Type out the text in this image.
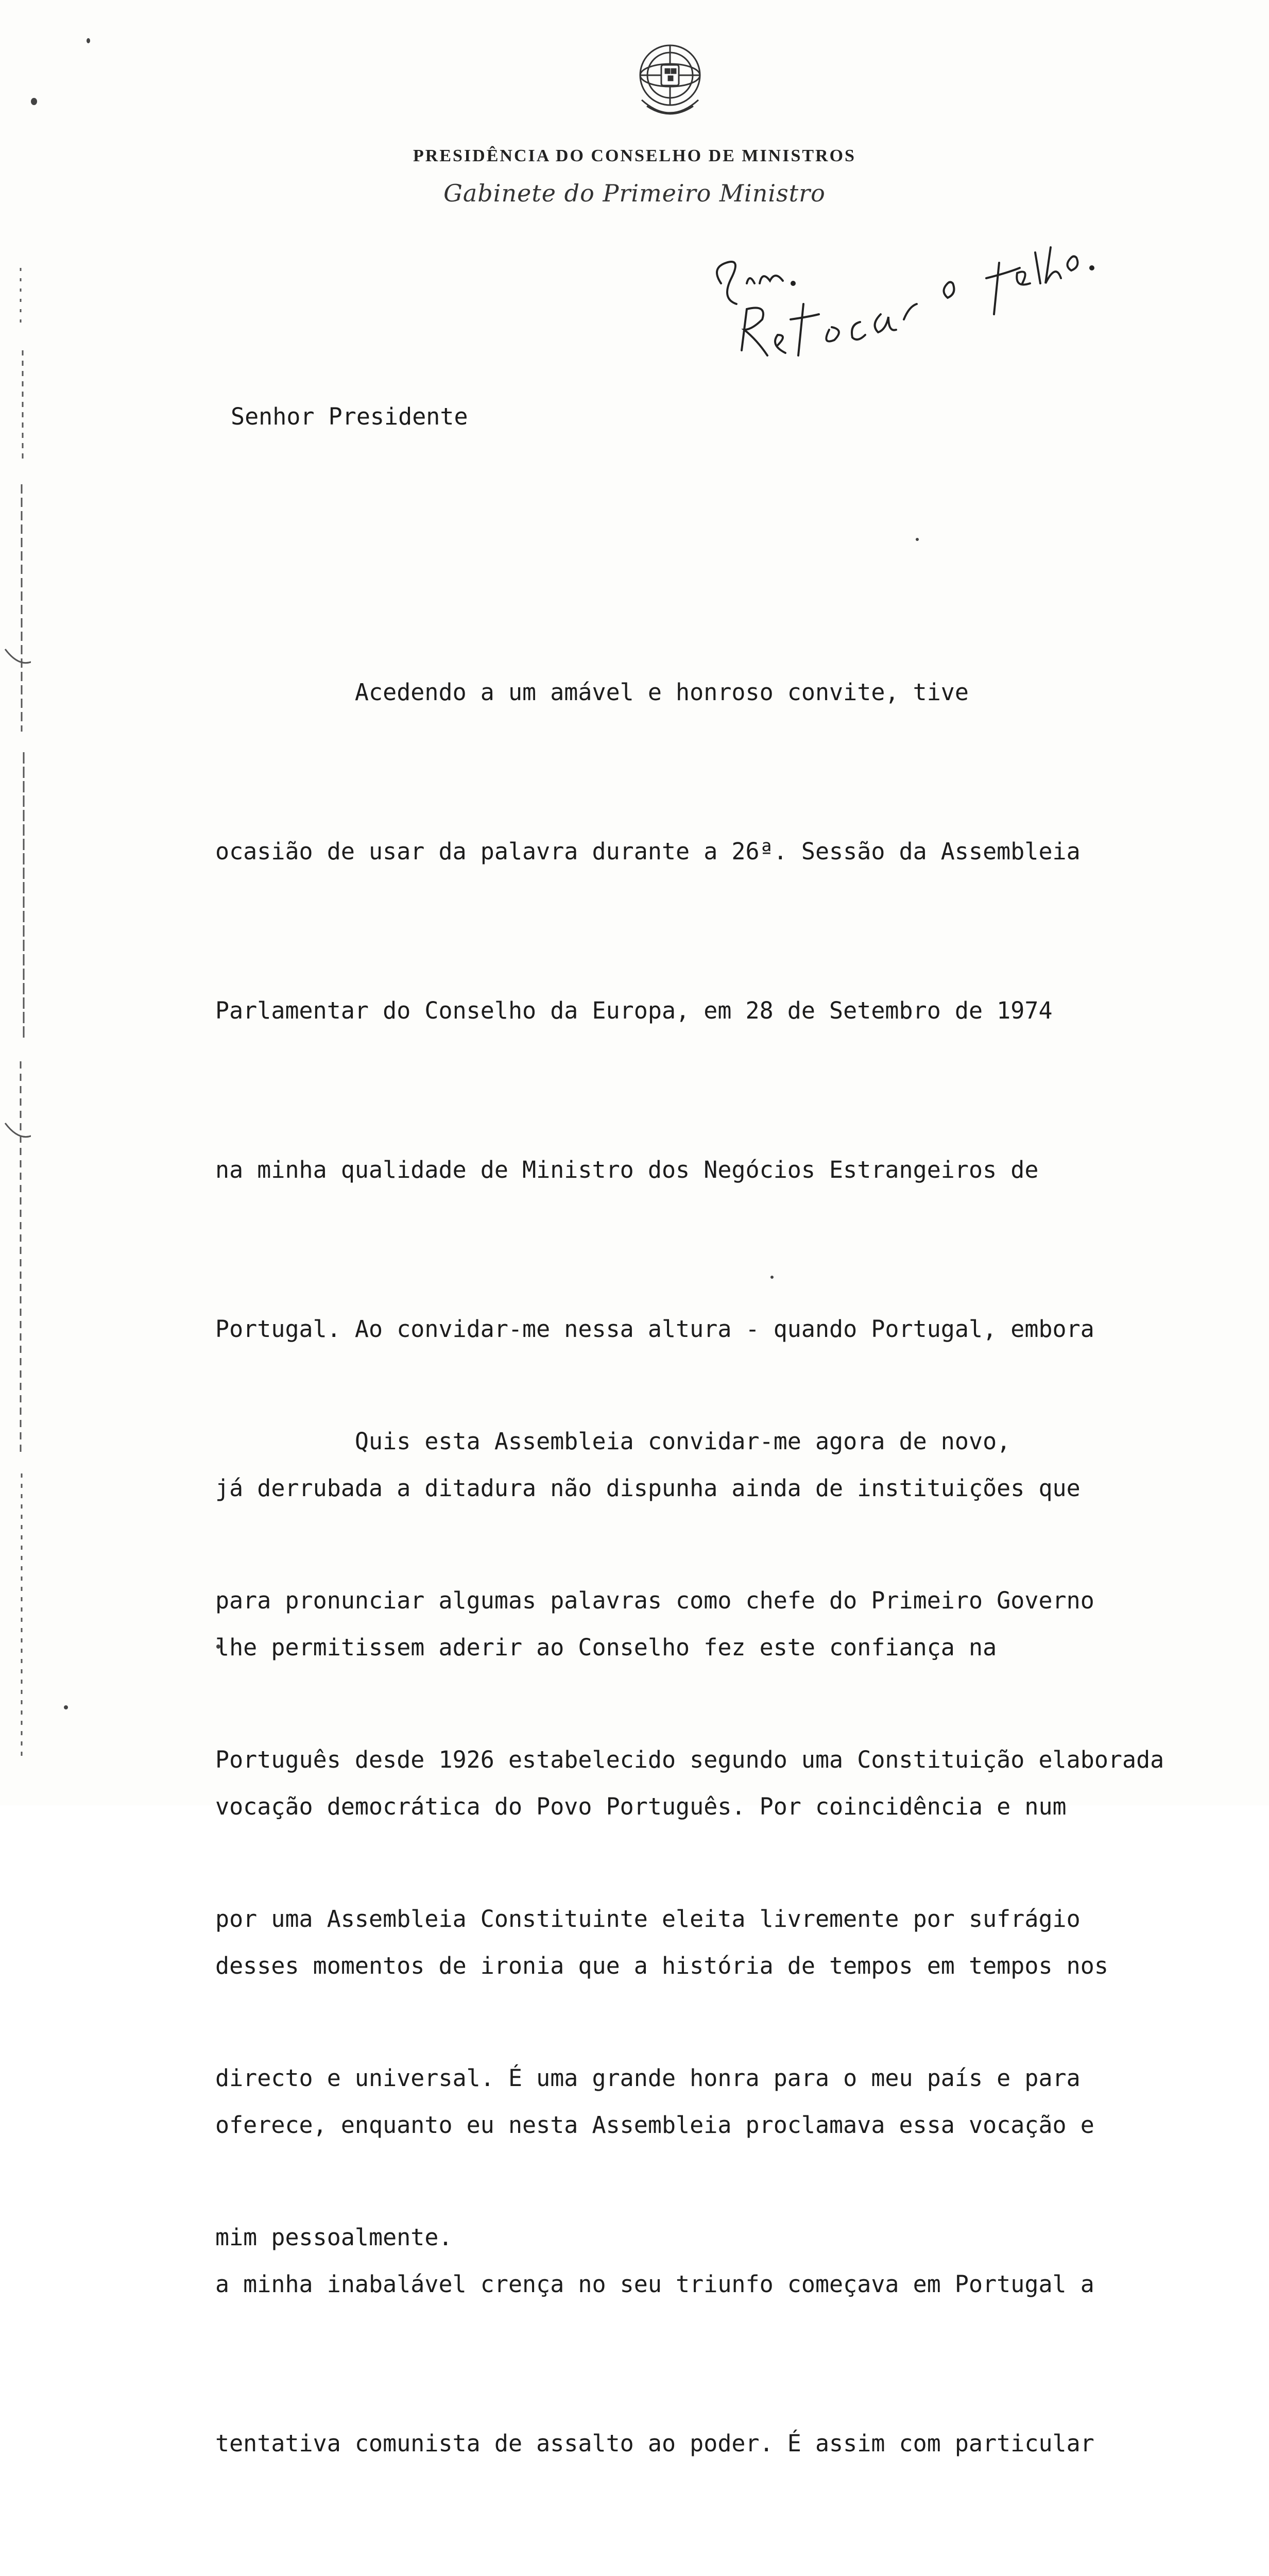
PRESIDÊNCIA DO CONSELHO DE MINISTROS
Gabinete do Primeiro Ministro
Senhor Presidente

Acedendo a um amável e honroso convite, tive

ocasião de usar da palavra durante a 26ª. Sessão da Assembleia

Parlamentar do Conselho da Europa, em 28 de Setembro de 1974

na minha qualidade de Ministro dos Negócios Estrangeiros de

Portugal. Ao convidar-me nessa altura - quando Portugal, embora

já derrubada a ditadura não dispunha ainda de instituições que

lhe permitissem aderir ao Conselho fez este confiança na

vocação democrática do Povo Português. Por coincidência e num

desses momentos de ironia que a história de tempos em tempos nos

oferece, enquanto eu nesta Assembleia proclamava essa vocação e

a minha inabalável crença no seu triunfo começava em Portugal a

tentativa comunista de assalto ao poder. É assim com particular

Quis esta Assembleia convidar-me agora de novo,

para pronunciar algumas palavras como chefe do Primeiro Governo

Português desde 1926 estabelecido segundo uma Constituição elaborada

por uma Assembleia Constituinte eleita livremente por sufrágio

directo e universal. É uma grande honra para o meu país e para

mim pessoalmente.
